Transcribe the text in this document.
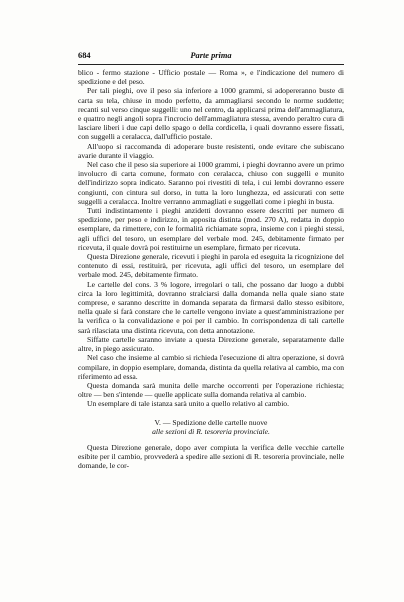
684	Parte prima

blico - fermo stazione - Ufficio postale — Roma », e l'indicazione del numero di spedizione e del peso.

Per tali pieghi, ove il peso sia inferiore a 1000 grammi, si adopereranno buste di carta su tela, chiuse in modo perfetto, da ammagliarsi secondo le norme suddette; recanti sul verso cinque suggelli: uno nel centro, da applicarsi prima dell'ammagliatura, e quattro negli angoli sopra l'incrocio dell'ammagliatura stessa, avendo peraltro cura di lasciare liberi i due capi dello spago o della cordicella, i quali dovranno essere fissati, con suggelli a ceralacca, dall'ufficio postale.

All'uopo si raccomanda di adoperare buste resistenti, onde evitare che subiscano avarie durante il viaggio.

Nel caso che il peso sia superiore ai 1000 grammi, i pieghi dovranno avere un primo involucro di carta comune, formato con ceralacca, chiuso con suggelli e munito dell'indirizzo sopra indicato. Saranno poi rivestiti di tela, i cui lembi dovranno essere congiunti, con cintura sul dorso, in tutta la loro lunghezza, ed assicurati con sette suggelli a ceralacca. Inoltre verranno ammagliati e suggellati come i pieghi in busta.

Tutti indistintamente i pieghi anzidetti dovranno essere descritti per numero di spedizione, per peso e indirizzo, in apposita distinta (mod. 270 A), redatta in doppio esemplare, da rimettere, con le formalità richiamate sopra, insieme con i pieghi stessi, agli uffici del tesoro, un esemplare del verbale mod. 245, debitamente firmato per ricevuta, il quale dovrà poi restituirne un esemplare, firmato per ricevuta.

Questa Direzione generale, ricevuti i pieghi in parola ed eseguita la ricognizione del contenuto di essi, restituirà, per ricevuta, agli uffici del tesoro, un esemplare del verbale mod. 245, debitamente firmato.

Le cartelle del cons. 3 % logore, irregolari o tali, che possano dar luogo a dubbi circa la loro legittimità, dovranno stralciarsi dalla domanda nella quale siano state comprese, e saranno descritte in domanda separata da firmarsi dallo stesso esibitore, nella quale si farà constare che le cartelle vengono inviate a quest'amministrazione per la verifica o la convalidazione e poi per il cambio. In corrispondenza di tali cartelle sarà rilasciata una distinta ricevuta, con detta annotazione.

Siffatte cartelle saranno inviate a questa Direzione generale, separatamente dalle altre, in piego assicurato.

Nel caso che insieme al cambio si richieda l'esecuzione di altra operazione, si dovrà compilare, in doppio esemplare, domanda, distinta da quella relativa al cambio, ma con riferimento ad essa.

Questa domanda sarà munita delle marche occorrenti per l'operazione richiesta; oltre — ben s'intende — quelle applicate sulla domanda relativa al cambio.

Un esemplare di tale istanza sarà unito a quello relativo al cambio.

V. — Spedizione delle cartelle nuove
alle sezioni di R. tesoreria provinciale.

Questa Direzione generale, dopo aver compiuta la verifica delle vecchie cartelle esibite per il cambio, provvederà a spedire alle sezioni di R. tesoreria provinciale, nelle domande, le cor-
